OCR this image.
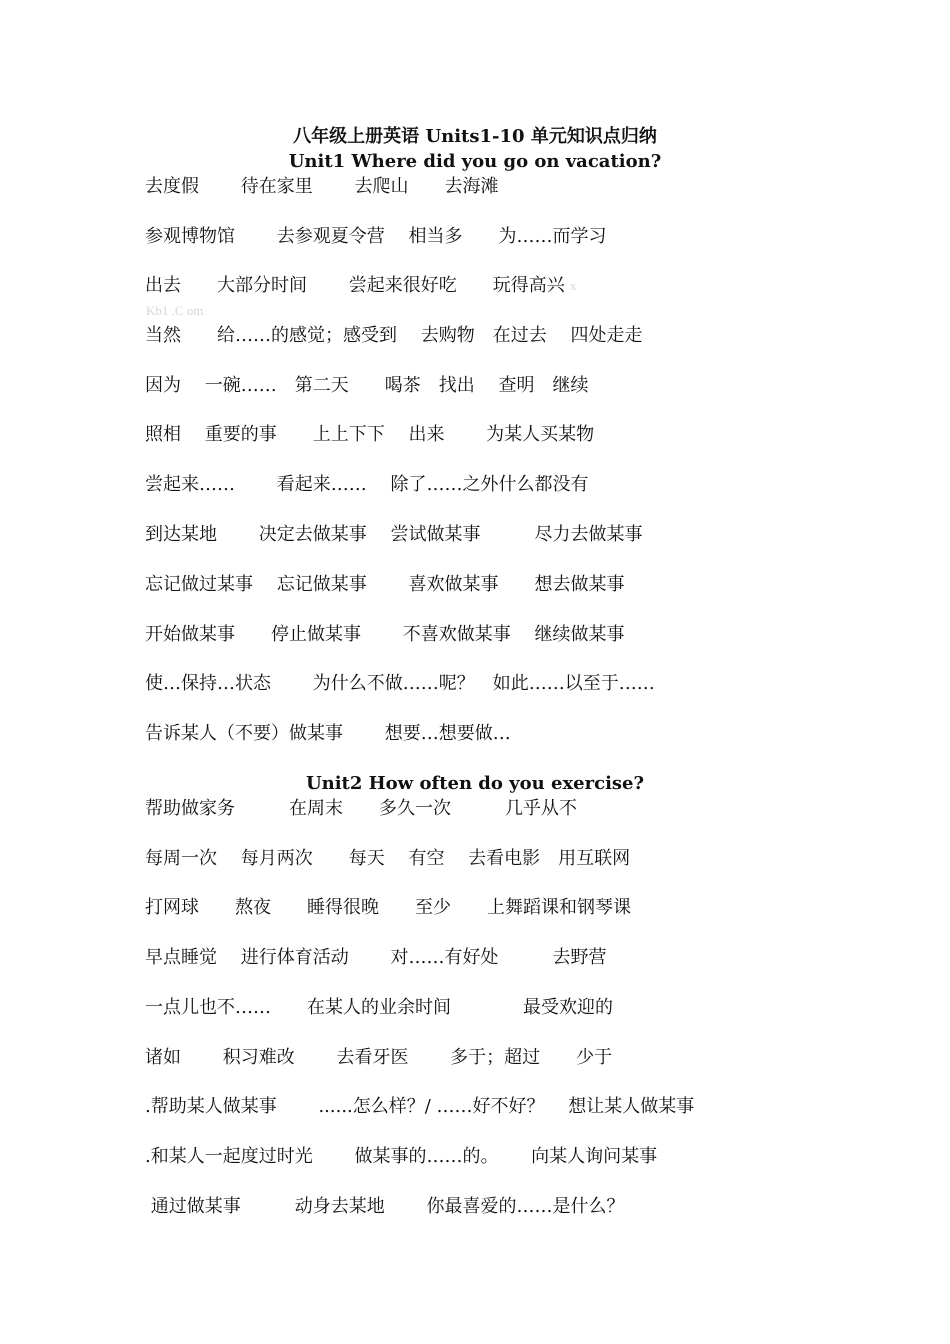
八年级上册英语 Units1-10 单元知识点归纳
Unit1 Where did you go on vacation?
去度假　　 待在家里　　 去爬山　　去海滩
参观博物馆　　 去参观夏令营　 相当多　　为……而学习
出去　　大部分时间　　 尝起来很好吃　　玩得高兴 x
Kb1 .C om
当然　　给……的感觉；感受到　 去购物　在过去　 四处走走
因为　 一碗……　第二天　　喝茶　找出　 查明　继续
照相　 重要的事　　上上下下　 出来　　 为某人买某物
尝起来……　　 看起来……　 除了……之外什么都没有
到达某地　　 决定去做某事　 尝试做某事　　　尽力去做某事
忘记做过某事　 忘记做某事　　 喜欢做某事　　想去做某事
开始做某事　　停止做某事　　 不喜欢做某事　 继续做某事
使…保持…状态　　 为什么不做……呢？　如此……以至于……
告诉某人（不要）做某事　　 想要…想要做…
Unit2 How often do you exercise?
帮助做家务　　　在周末　　多久一次　　　几乎从不
每周一次　 每月两次　　每天　 有空　 去看电影　用互联网
打网球　　熬夜　　睡得很晚　　至少　　上舞蹈课和钢琴课
早点睡觉　 进行体育活动　　 对……有好处　　　去野营
一点儿也不……　　在某人的业余时间　　　　最受欢迎的
诸如　　 积习难改　　 去看牙医　　 多于；超过　　少于
.帮助某人做某事　　 ......怎么样？/ ……好不好？　 想让某人做某事
.和某人一起度过时光　　 做某事的……的。　　 向某人询问某事
通过做某事　　　动身去某地　　 你最喜爱的……是什么？
